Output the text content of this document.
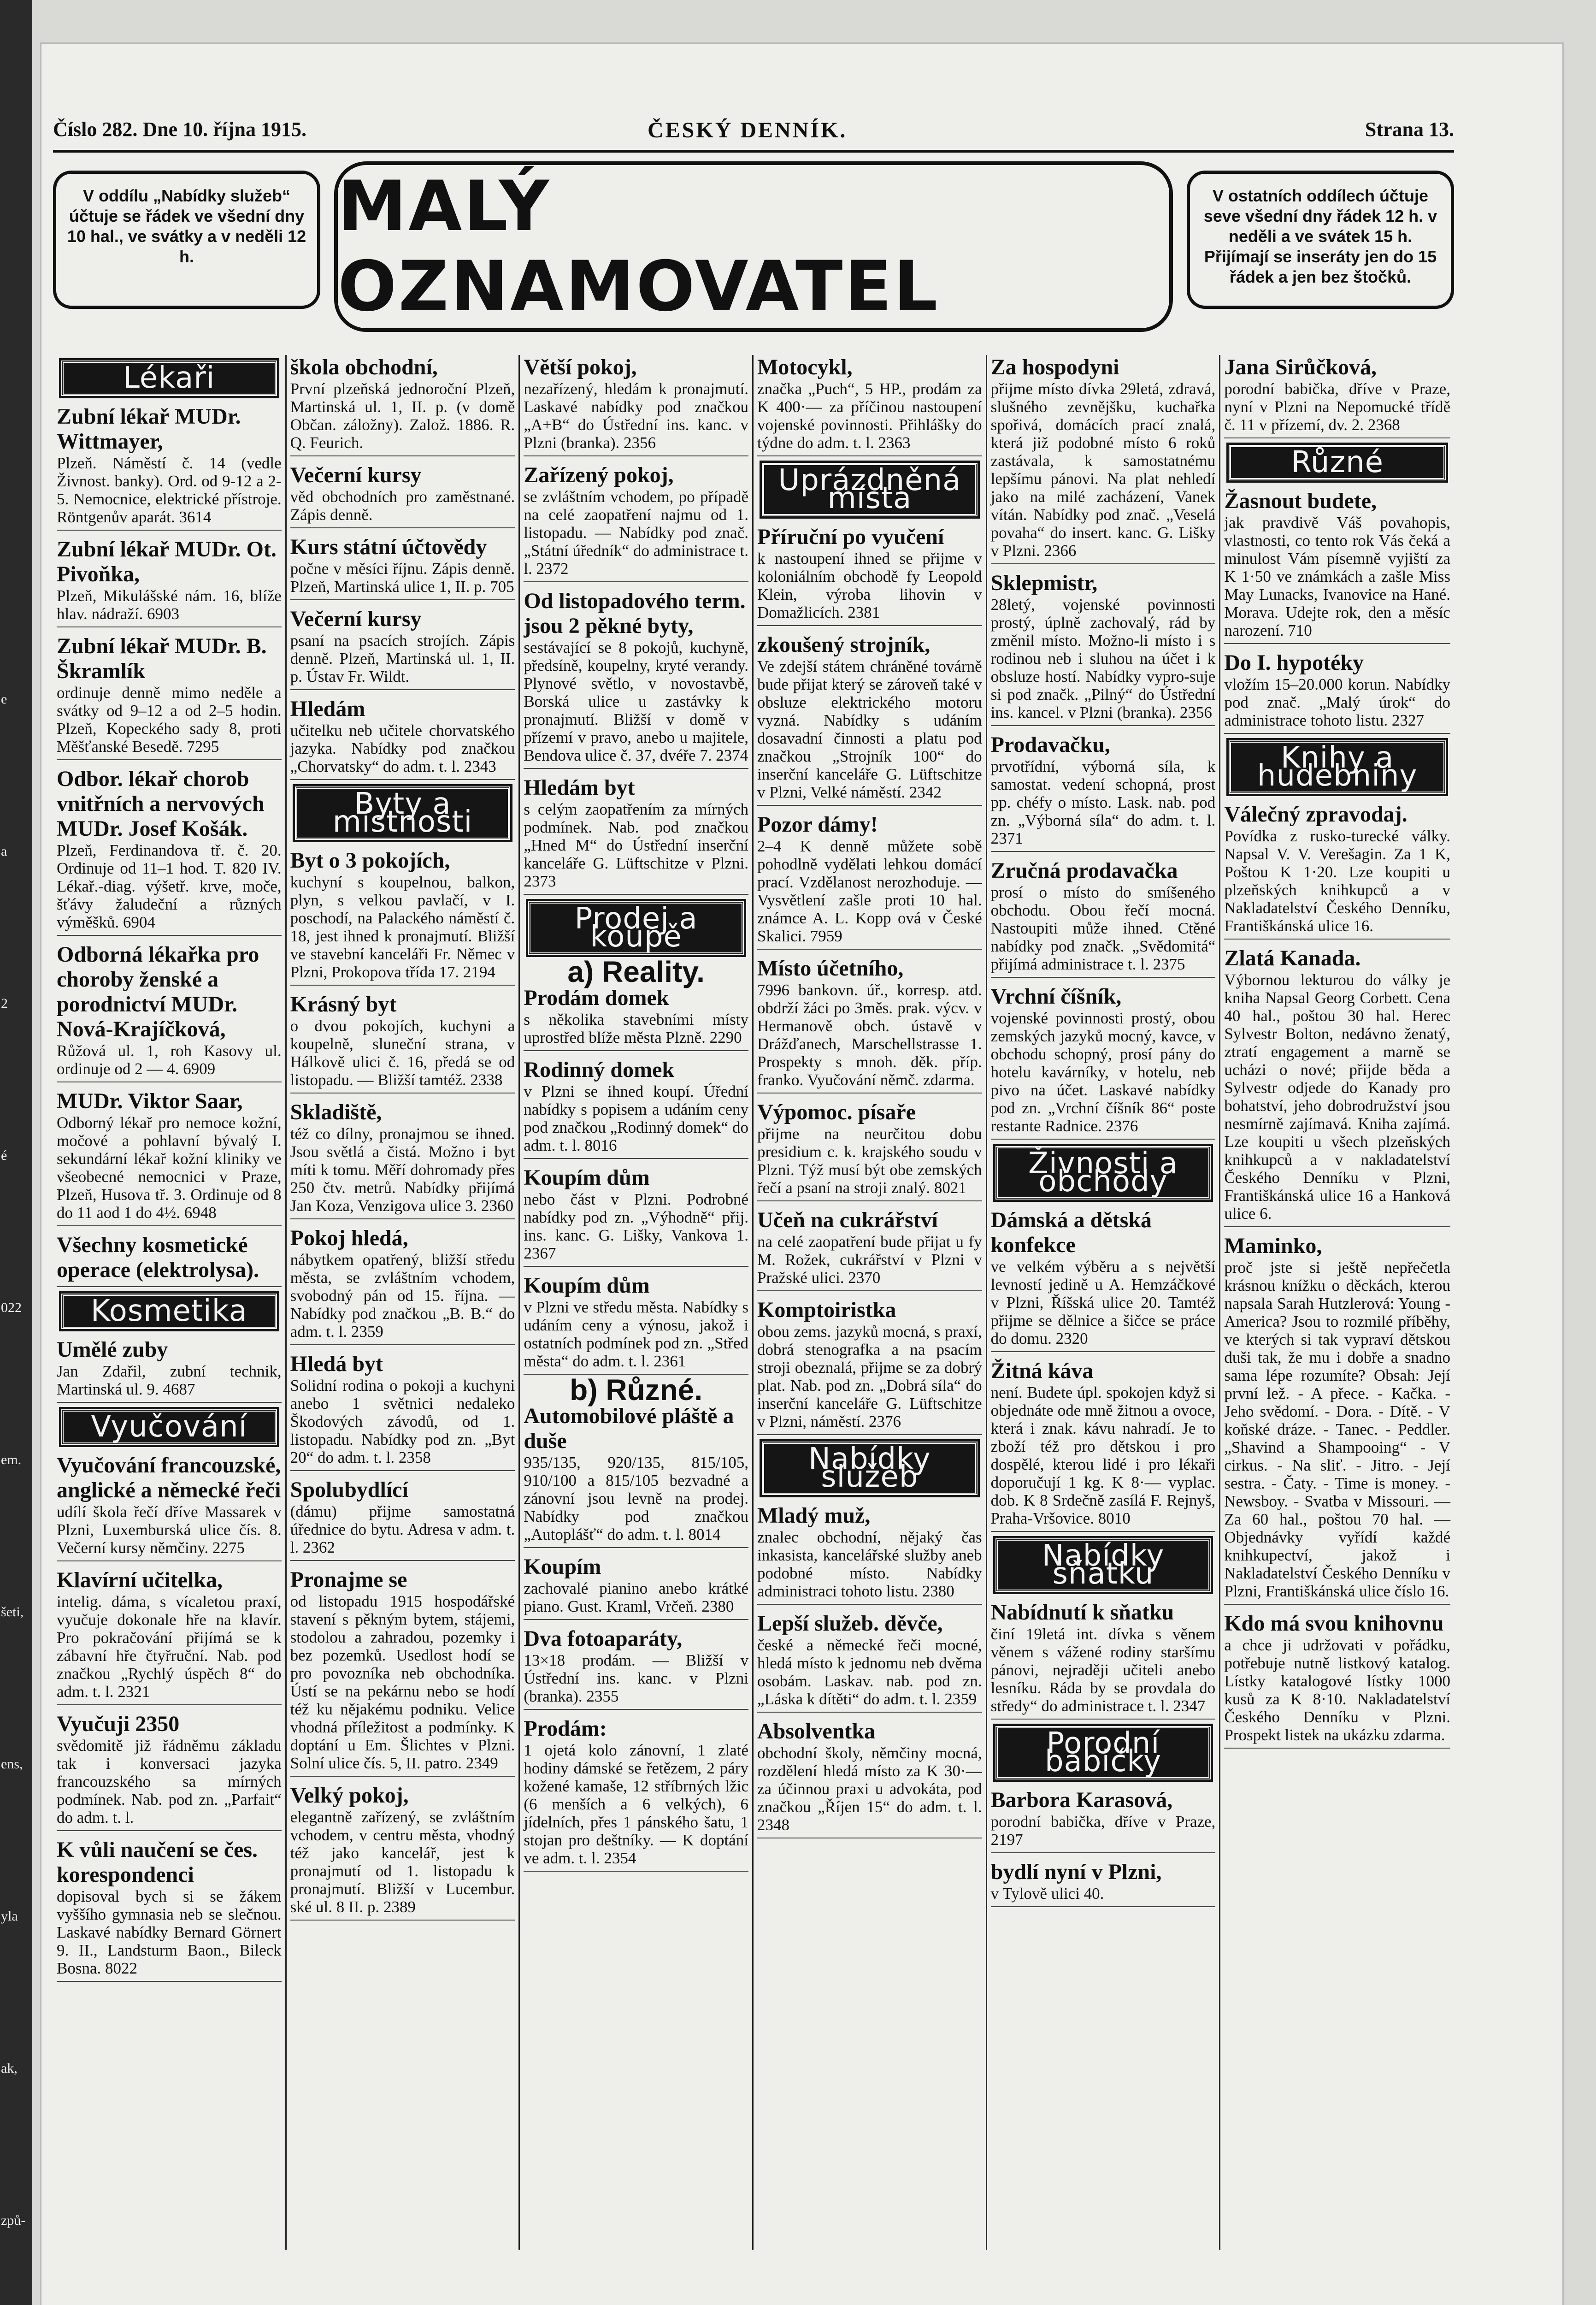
e
a
2
é
022
em.
šeti,
ens,
yla
ak,
způ-
Číslo 282. Dne 10. října 1915.	ČESKÝ DENNÍK.	Strana 13.
V oddílu „Nabídky služeb“ účtuje se řádek ve všední dny 10 hal., ve svátky a v neděli 12 h.
MALÝ OZNAMOVATEL
V ostatních oddílech účtuje seve všední dny řádek 12 h. v neděli a ve svátek 15 h. Přijímají se inseráty jen do 15 řádek a jen bez štočků.
Lékaři
Zubní lékař MUDr. Wittmayer,
Plzeň. Náměstí č. 14 (vedle Živnost. banky). Ord. od 9-12 a 2-5. Nemocnice, elektrické přístroje. Röntgenův aparát. 3614
Zubní lékař MUDr. Ot. Pivoňka,
Plzeň, Mikulášské nám. 16, blíže hlav. nádraží. 6903
Zubní lékař MUDr. B. Škramlík
ordinuje denně mimo neděle a svátky od 9–12 a od 2–5 hodin. Plzeň, Kopeckého sady 8, proti Měšťanské Besedě. 7295
Odbor. lékař chorob vnitřních a nervových MUDr. Josef Košák.
Plzeň, Ferdinandova tř. č. 20. Ordinuje od 11–1 hod. T. 820 IV. Lékař.-diag. výšetř. krve, moče, šťávy žaludeční a různých výměšků. 6904
Odborná lékařka pro choroby ženské a porodnictví MUDr. Nová-Krajíčková,
Růžová ul. 1, roh Kasovy ul. ordinuje od 2 — 4. 6909
MUDr. Viktor Saar,
Odborný lékař pro nemoce kožní, močové a pohlavní bývalý I. sekundární lékař kožní kliniky ve všeobecné nemocnici v Praze, Plzeň, Husova tř. 3. Ordinuje od 8 do 11 aod 1 do 4½. 6948
Všechny kosmetické operace (elektrolysa).
Kosmetika
Umělé zuby
Jan Zdařil, zubní technik, Martinská ul. 9. 4687
Vyučování
Vyučování francouzské, anglické a německé řeči
udílí škola řečí dříve Massarek v Plzni, Luxemburská ulice čís. 8. Večerní kursy němčiny. 2275
Klavírní učitelka,
intelig. dáma, s vícaletou praxí, vyučuje dokonale hře na klavír. Pro pokračování přijímá se k zábavní hře čtyřruční. Nab. pod značkou „Rychlý úspěch 8“ do adm. t. l. 2321
Vyučuji 2350
svědomitě již řádněmu základu tak i konversaci jazyka francouzského sa mírných podmínek. Nab. pod zn. „Parfait“ do adm. t. l.
K vůli naučení se čes. korespondenci
dopisoval bych si se žákem vyššího gymnasia neb se slečnou. Laskavé nabídky Bernard Görnert 9. II., Landsturm Baon., Bileck Bosna. 8022
škola obchodní,
První plzeňská jednoroční Plzeň, Martinská ul. 1, II. p. (v domě Občan. záložny). Založ. 1886. R. Q. Feurich.
Večerní kursy
věd obchodních pro zaměstnané. Zápis denně.
Kurs státní účtovědy
počne v měsíci říjnu. Zápis denně. Plzeň, Martinská ulice 1, II. p. 705
Večerní kursy
psaní na psacích strojích. Zápis denně. Plzeň, Martinská ul. 1, II. p. Ústav Fr. Wildt.
Hledám
učitelku neb učitele chorvatského jazyka. Nabídky pod značkou „Chorvatsky“ do adm. t. l. 2343
Byty a místnosti
Byt o 3 pokojích,
kuchyní s koupelnou, balkon, plyn, s velkou pavlačí, v I. poschodí, na Palackého náměstí č. 18, jest ihned k pronajmutí. Bližší ve stavební kanceláři Fr. Němec v Plzni, Prokopova třída 17. 2194
Krásný byt
o dvou pokojích, kuchyni a koupelně, sluneční strana, v Hálkově ulici č. 16, předá se od listopadu. — Bližší tamtéž. 2338
Skladiště,
též co dílny, pronajmou se ihned. Jsou světlá a čistá. Možno i byt míti k tomu. Měří dohromady přes 250 čtv. metrů. Nabídky přijímá Jan Koza, Venzigova ulice 3. 2360
Pokoj hledá,
nábytkem opatřený, bližší středu města, se zvláštním vchodem, svobodný pán od 15. října. — Nabídky pod značkou „B. B.“ do adm. t. l. 2359
Hledá byt
Solidní rodina o pokoji a kuchyni anebo 1 světnici nedaleko Škodových závodů, od 1. listopadu. Nabídky pod zn. „Byt 20“ do adm. t. l. 2358
Spolubydlící
(dámu) přijme samostatná úřednice do bytu. Adresa v adm. t. l. 2362
Pronajme se
od listopadu 1915 hospodářské stavení s pěkným bytem, stájemi, stodolou a zahradou, pozemky i bez pozemků. Usedlost hodí se pro povozníka neb obchodníka. Ústí se na pekárnu nebo se hodí též ku nějakému podniku. Velice vhodná příležitost a podmínky. K doptání u Em. Šlichtes v Plzni. Solní ulice čís. 5, II. patro. 2349
Velký pokoj,
elegantně zařízený, se zvláštním vchodem, v centru města, vhodný též jako kancelář, jest k pronajmutí od 1. listopadu k pronajmutí. Bližší v Lucembur. ské ul. 8 II. p. 2389
Větší pokoj,
nezařízený, hledám k pronajmutí. Laskavé nabídky pod značkou „A+B“ do Ústřední ins. kanc. v Plzni (branka). 2356
Zařízený pokoj,
se zvláštním vchodem, po případě na celé zaopatření najmu od 1. listopadu. — Nabídky pod znač. „Státní úředník“ do administrace t. l. 2372
Od listopadového term. jsou 2 pěkné byty,
sestávající se 8 pokojů, kuchyně, předsíně, koupelny, kryté verandy. Plynové světlo, v novostavbě, Borská ulice u zastávky k pronajmutí. Bližší v domě v přízemí v pravo, anebo u majitele, Bendova ulice č. 37, dvéře 7. 2374
Hledám byt
s celým zaopatřením za mírných podmínek. Nab. pod značkou „Hned M“ do Ústřední inserční kanceláře G. Lüftschitze v Plzni. 2373
Prodej a koupě
a) Reality.
Prodám domek
s několika stavebními místy uprostřed blíže města Plzně. 2290
Rodinný domek
v Plzni se ihned koupí. Úřední nabídky s popisem a udáním ceny pod značkou „Rodinný domek“ do adm. t. l. 8016
Koupím dům
nebo část v Plzni. Podrobné nabídky pod zn. „Výhodně“ přij. ins. kanc. G. Lišky, Vankova 1. 2367
Koupím dům
v Plzni ve středu města. Nabídky s udáním ceny a výnosu, jakož i ostatních podmínek pod zn. „Střed města“ do adm. t. l. 2361
b) Různé.
Automobilové pláště a duše
935/135, 920/135, 815/105, 910/100 a 815/105 bezvadné a zánovní jsou levně na prodej. Nabídky pod značkou „Autoplášť“ do adm. t. l. 8014
Koupím
zachovalé pianino anebo krátké piano. Gust. Kraml, Vrčeň. 2380
Dva fotoaparáty,
13×18 prodám. — Bližší v Ústřední ins. kanc. v Plzni (branka). 2355
Prodám:
1 ojetá kolo zánovní, 1 zlaté hodiny dámské se řetězem, 2 páry kožené kamaše, 12 stříbrných lžic (6 menších a 6 velkých), 6 jídelních, přes 1 pánského šatu, 1 stojan pro deštníky. — K doptání ve adm. t. l. 2354
Motocykl,
značka „Puch“, 5 HP., prodám za K 400·— za příčinou nastoupení vojenské povinnosti. Přihlášky do týdne do adm. t. l. 2363
Uprázdněná místa
Příruční po vyučení
k nastoupení ihned se přijme v koloniálním obchodě fy Leopold Klein, výroba lihovin v Domažlicích. 2381
zkoušený strojník,
Ve zdejší státem chráněné továrně bude přijat který se zároveň také v obsluze elektrického motoru vyzná. Nabídky s udáním dosavadní činnosti a platu pod značkou „Strojník 100“ do inserční kanceláře G. Lüftschitze v Plzni, Velké náměstí. 2342
Pozor dámy!
2–4 K denně můžete sobě pohodlně vydělati lehkou domácí prací. Vzdělanost nerozhoduje. — Vysvětlení zašle proti 10 hal. známce A. L. Kopp ová v České Skalici. 7959
Místo účetního,
7996 bankovn. úř., korresp. atd. obdrží žáci po 3měs. prak. výcv. v Hermanově obch. ústavě v Drážďanech, Marschellstrasse 1. Prospekty s mnoh. děk. příp. franko. Vyučování němč. zdarma.
Výpomoc. písaře
přijme na neurčitou dobu presidium c. k. krajského soudu v Plzni. Týž musí být obe zemských řečí a psaní na stroji znalý. 8021
Učeň na cukrářství
na celé zaopatření bude přijat u fy M. Rožek, cukrářství v Plzni v Pražské ulici. 2370
Komptoiristka
obou zems. jazyků mocná, s praxí, dobrá stenografka a na psacím stroji obeznalá, přijme se za dobrý plat. Nab. pod zn. „Dobrá síla“ do inserční kanceláře G. Lüftschitze v Plzni, náměstí. 2376
Nabídky služeb
Mladý muž,
znalec obchodní, nějaký čas inkasista, kancelářské služby aneb podobné místo. Nabídky administraci tohoto listu. 2380
Lepší služeb. děvče,
české a německé řeči mocné, hledá místo k jednomu neb dvěma osobám. Laskav. nab. pod zn. „Láska k dítěti“ do adm. t. l. 2359
Absolventka
obchodní školy, němčiny mocná, rozdělení hledá místo za K 30·— za účinnou praxi u advokáta, pod značkou „Říjen 15“ do adm. t. l. 2348
Za hospodyni
přijme místo dívka 29letá, zdravá, slušného zevnějšku, kuchařka spořivá, domácích prací znalá, která již podobné místo 6 roků zastávala, k samostatnému lepšímu pánovi. Na plat nehledí jako na milé zacházení, Vanek vítán. Nabídky pod znač. „Veselá povaha“ do insert. kanc. G. Lišky v Plzni. 2366
Sklepmistr,
28letý, vojenské povinnosti prostý, úplně zachovalý, rád by změnil místo. Možno-li místo i s rodinou neb i sluhou na účet i k obsluze hostí. Nabídky vypro-suje si pod značk. „Pilný“ do Ústřední ins. kancel. v Plzni (branka). 2356
Prodavačku,
prvotřídní, výborná síla, k samostat. vedení schopná, prost pp. chéfy o místo. Lask. nab. pod zn. „Výborná síla“ do adm. t. l. 2371
Zručná prodavačka
prosí o místo do smíšeného obchodu. Obou řečí mocná. Nastoupiti může ihned. Ctěné nabídky pod značk. „Svědomitá“ přijímá administrace t. l. 2375
Vrchní číšník,
vojenské povinnosti prostý, obou zemských jazyků mocný, kavce, v obchodu schopný, prosí pány do hotelu kavárníky, v hotelu, neb pivo na účet. Laskavé nabídky pod zn. „Vrchní číšník 86“ poste restante Radnice. 2376
Živnosti a obchody
Dámská a dětská konfekce
ve velkém výběru a s největší levností jedině u A. Hemzáčkové v Plzni, Říšská ulice 20. Tamtéž přijme se dělnice a šičce se práce do domu. 2320
Žitná káva
není. Budete úpl. spokojen když si objednáte ode mně žitnou a ovoce, která i znak. kávu nahradí. Je to zboží též pro dětskou i pro dospělé, kterou lidé i pro lékaři doporučují 1 kg. K 8·— vyplac. dob. K 8 Srdečně zasílá F. Rejnyš, Praha-Vršovice. 8010
Nabídky sňatku
Nabídnutí k sňatku
činí 19letá int. dívka s věnem věnem s vážené rodiny staršímu pánovi, nejraději učiteli anebo lesníku. Ráda by se provdala do středy“ do administrace t. l. 2347
Porodní babičky
Barbora Karasová,
porodní babička, dříve v Praze, 2197
bydlí nyní v Plzni,
v Tylově ulici 40.
Jana Sirůčková,
porodní babička, dříve v Praze, nyní v Plzni na Nepomucké třídě č. 11 v přízemí, dv. 2. 2368
Různé
Žasnout budete,
jak pravdivě Váš povahopis, vlastnosti, co tento rok Vás čeká a minulost Vám písemně vyjiští za K 1·50 ve známkách a zašle Miss May Lunacks, Ivanovice na Hané. Morava. Udejte rok, den a měsíc narození. 710
Do I. hypotéky
vložím 15–20.000 korun. Nabídky pod znač. „Malý úrok“ do administrace tohoto listu. 2327
Knihy a hudebniny
Válečný zpravodaj.
Povídka z rusko-turecké války. Napsal V. V. Verešagin. Za 1 K, Poštou K 1·20. Lze koupiti u plzeňských knihkupců a v Nakladatelství Českého Denníku, Františkánská ulice 16.
Zlatá Kanada.
Výbornou lekturou do války je kniha Napsal Georg Corbett. Cena 40 hal., poštou 30 hal. Herec Sylvestr Bolton, nedávno ženatý, ztratí engagement a marně se ucházi o nové; přijde běda a Sylvestr odjede do Kanady pro bohatství, jeho dobrodružství jsou nesmírně zajímavá. Kniha zajímá. Lze koupiti u všech plzeňských knihkupců a v nakladatelství Českého Denníku v Plzni, Františkánská ulice 16 a Hanková ulice 6.
Maminko,
proč jste si ještě nepřečetla krásnou knížku o děckách, kterou napsala Sarah Hutzlerová: Young - America? Jsou to rozmilé příběhy, ve kterých si tak vypraví dětskou duši tak, že mu i dobře a snadno sama lépe rozumíte? Obsah: Její první lež. - A přece. - Kačka. - Jeho svědomí. - Dora. - Dítě. - V koňské dráze. - Tanec. - Peddler. „Shavind a Shampooing“ - V cirkus. - Na sliť. - Jitro. - Její sestra. - Čaty. - Time is money. - Newsboy. - Svatba v Missouri. — Za 60 hal., poštou 70 hal. — Objednávky vyřídí každé knihkupectví, jakož i Nakladatelství Českého Denníku v Plzni, Františkánská ulice číslo 16.
Kdo má svou knihovnu
a chce ji udržovati v pořádku, potřebuje nutně listkový katalog. Lístky katalogové lístky 1000 kusů za K 8·10. Nakladatelství Českého Denníku v Plzni. Prospekt listek na ukázku zdarma.
